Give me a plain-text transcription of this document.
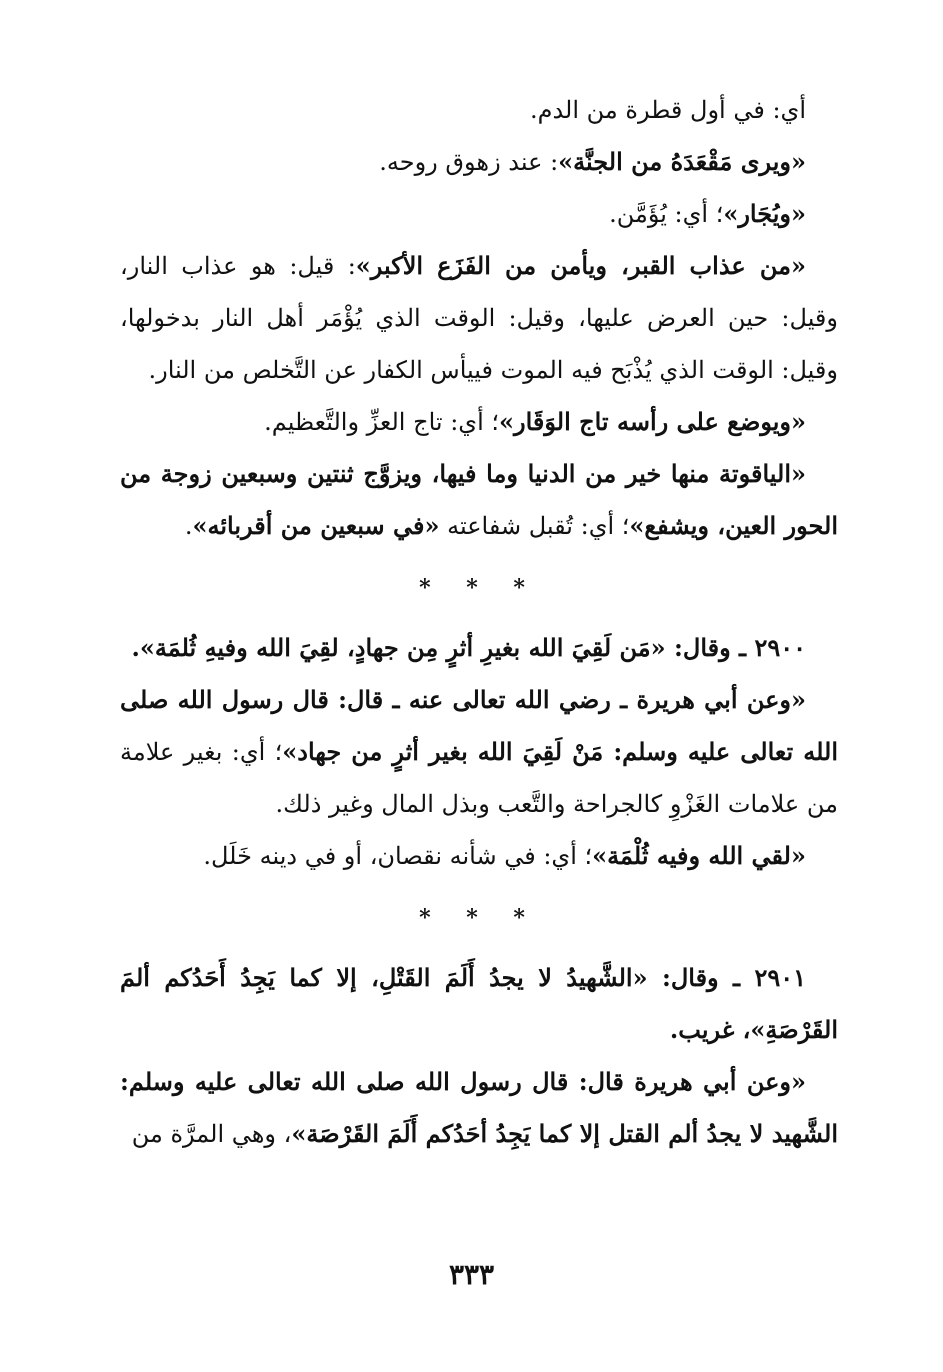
أي: في أول قطرة من الدم.

«ويرى مَقْعَدَهُ من الجنَّة»: عند زهوق روحه.

«ويُجَار»؛ أي: يُؤَمَّن.

«من عذاب القبر، ويأمن من الفَزَع الأكبر»: قيل: هو عذاب النار، وقيل: حين العرض عليها، وقيل: الوقت الذي يُؤْمَر أهل النار بدخولها، وقيل: الوقت الذي يُذْبَح فيه الموت فييأس الكفار عن التَّخلص من النار.

«ويوضع على رأسه تاج الوَقَار»؛ أي: تاج العزِّ والتَّعظيم.

«الياقوتة منها خير من الدنيا وما فيها، ويزوَّج ثنتين وسبعين زوجة من الحور العين، ويشفع»؛ أي: تُقبل شفاعته «في سبعين من أقربائه».

* * *

٢٩٠٠ ـ وقال: «مَن لَقِيَ الله بغيرِ أثرٍ مِن جهادٍ، لقِيَ الله وفيهِ ثُلمَة».

«وعن أبي هريرة ـ رضي الله تعالى عنه ـ قال: قال رسول الله صلى الله تعالى عليه وسلم: مَنْ لَقِيَ الله بغير أثرٍ من جهاد»؛ أي: بغير علامة من علامات الغَزْوِ كالجراحة والتَّعب وبذل المال وغير ذلك.

«لقي الله وفيه ثُلْمَة»؛ أي: في شأنه نقصان، أو في دينه خَلَل.

* * *

٢٩٠١ ـ وقال: «الشَّهيدُ لا يجدُ أَلَمَ القَتْلِ، إلا كما يَجِدُ أَحَدُكم ألمَ القَرْصَةِ»، غريب.

«وعن أبي هريرة قال: قال رسول الله صلى الله تعالى عليه وسلم: الشَّهيد لا يجدُ ألم القتل إلا كما يَجِدُ أحَدُكم أَلَمَ القَرْصَة»، وهي المرَّة من

٣٣٣
